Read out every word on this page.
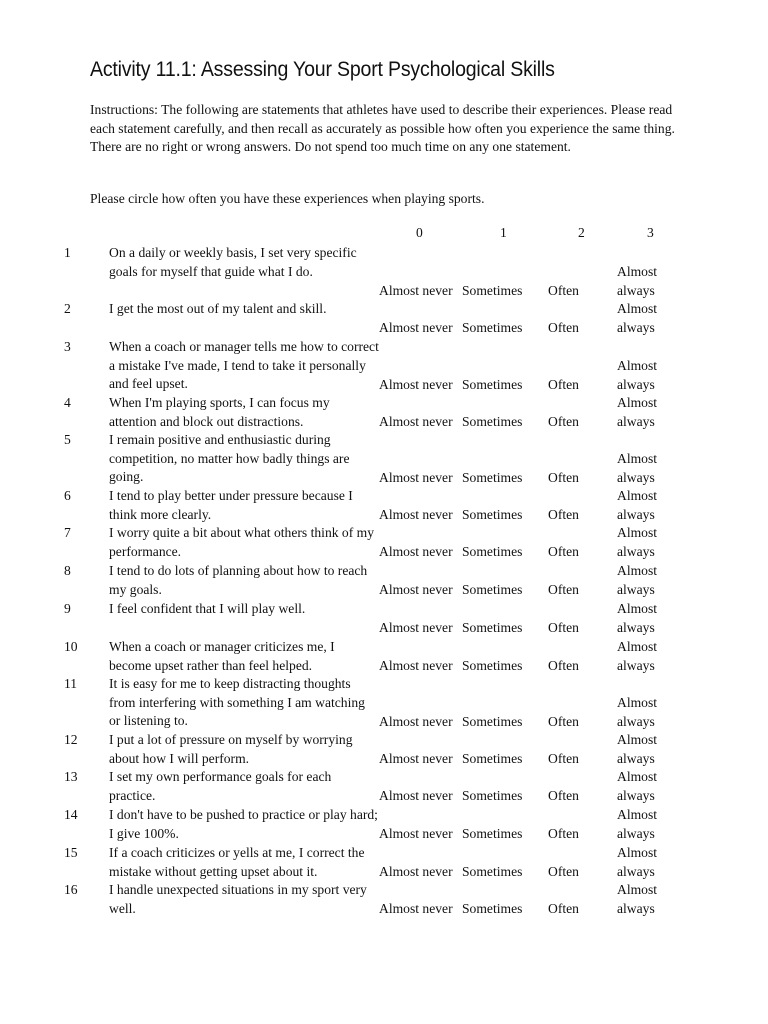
Activity 11.1: Assessing Your Sport Psychological Skills

Instructions: The following are statements that athletes have used to describe their experiences. Please read each statement carefully, and then recall as accurately as possible how often you experience the same thing. There are no right or wrong answers. Do not spend too much time on any one statement.

Please circle how often you have these experiences when playing sports.

0	1	2	3
1	On a daily or weekly basis, I set very specific goals for myself that guide what I do.
Almost never Sometimes Often
Almost always
2	I get the most out of my talent and skill.
Almost never Sometimes Often
Almost always
3	When a coach or manager tells me how to correct a mistake I've made, I tend to take it personally and feel upset.	Almost never Sometimes Often
Almost always
4	When I'm playing sports, I can focus my attention and block out distractions.	Almost never Sometimes Often
Almost always
5	I remain positive and enthusiastic during competition, no matter how badly things are going.	Almost never Sometimes Often
Almost always
6	I tend to play better under pressure because I think more clearly.	Almost never Sometimes Often
Almost always
7	I worry quite a bit about what others think of my performance.	Almost never Sometimes Often
Almost always
8	I tend to do lots of planning about how to reach my goals.	Almost never Sometimes Often
Almost always
9	I feel confident that I will play well.
Almost never Sometimes Often
Almost always
10 When a coach or manager criticizes me, I become upset rather than feel helped.	Almost never Sometimes Often
Almost always
11 It is easy for me to keep distracting thoughts from interfering with something I am watching or listening to.	Almost never Sometimes Often
Almost always
12 I put a lot of pressure on myself by worrying about how I will perform.	Almost never Sometimes Often
Almost always
13 I set my own performance goals for each practice.	Almost never Sometimes Often
Almost always
14 I don't have to be pushed to practice or play hard; I give 100%.	Almost never Sometimes Often
Almost always
15 If a coach criticizes or yells at me, I correct the mistake without getting upset about it.	Almost never Sometimes Often
Almost always
16 I handle unexpected situations in my sport very well.	Almost never Sometimes Often
Almost always
